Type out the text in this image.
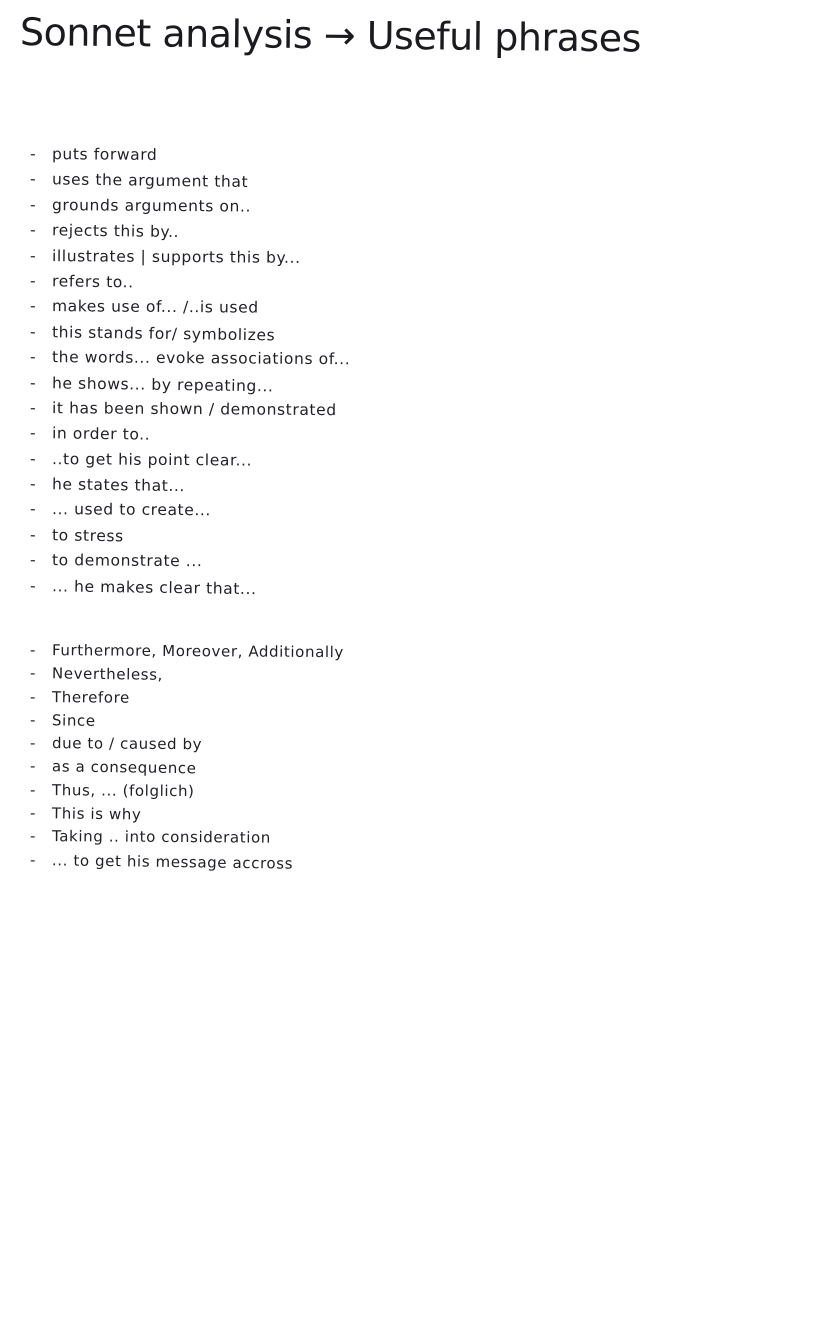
Sonnet analysis → Useful phrases
- puts forward
- uses the argument that
- grounds arguments on..
- rejects this by..
- illustrates | supports this by...
- refers to..
- makes use of... /..is used
- this stands for/ symbolizes
- the words... evoke associations of...
- he shows... by repeating...
- it has been shown / demonstrated
- in order to..
- ..to get his point clear...
- he states that...
- ... used to create...
- to stress
- to demonstrate ...
- ... he makes clear that...
- Furthermore, Moreover, Additionally
- Nevertheless,
- Therefore
- Since
- due to / caused by
- as a consequence
- Thus, ... (folglich)
- This is why
- Taking .. into consideration
- ... to get his message accross
